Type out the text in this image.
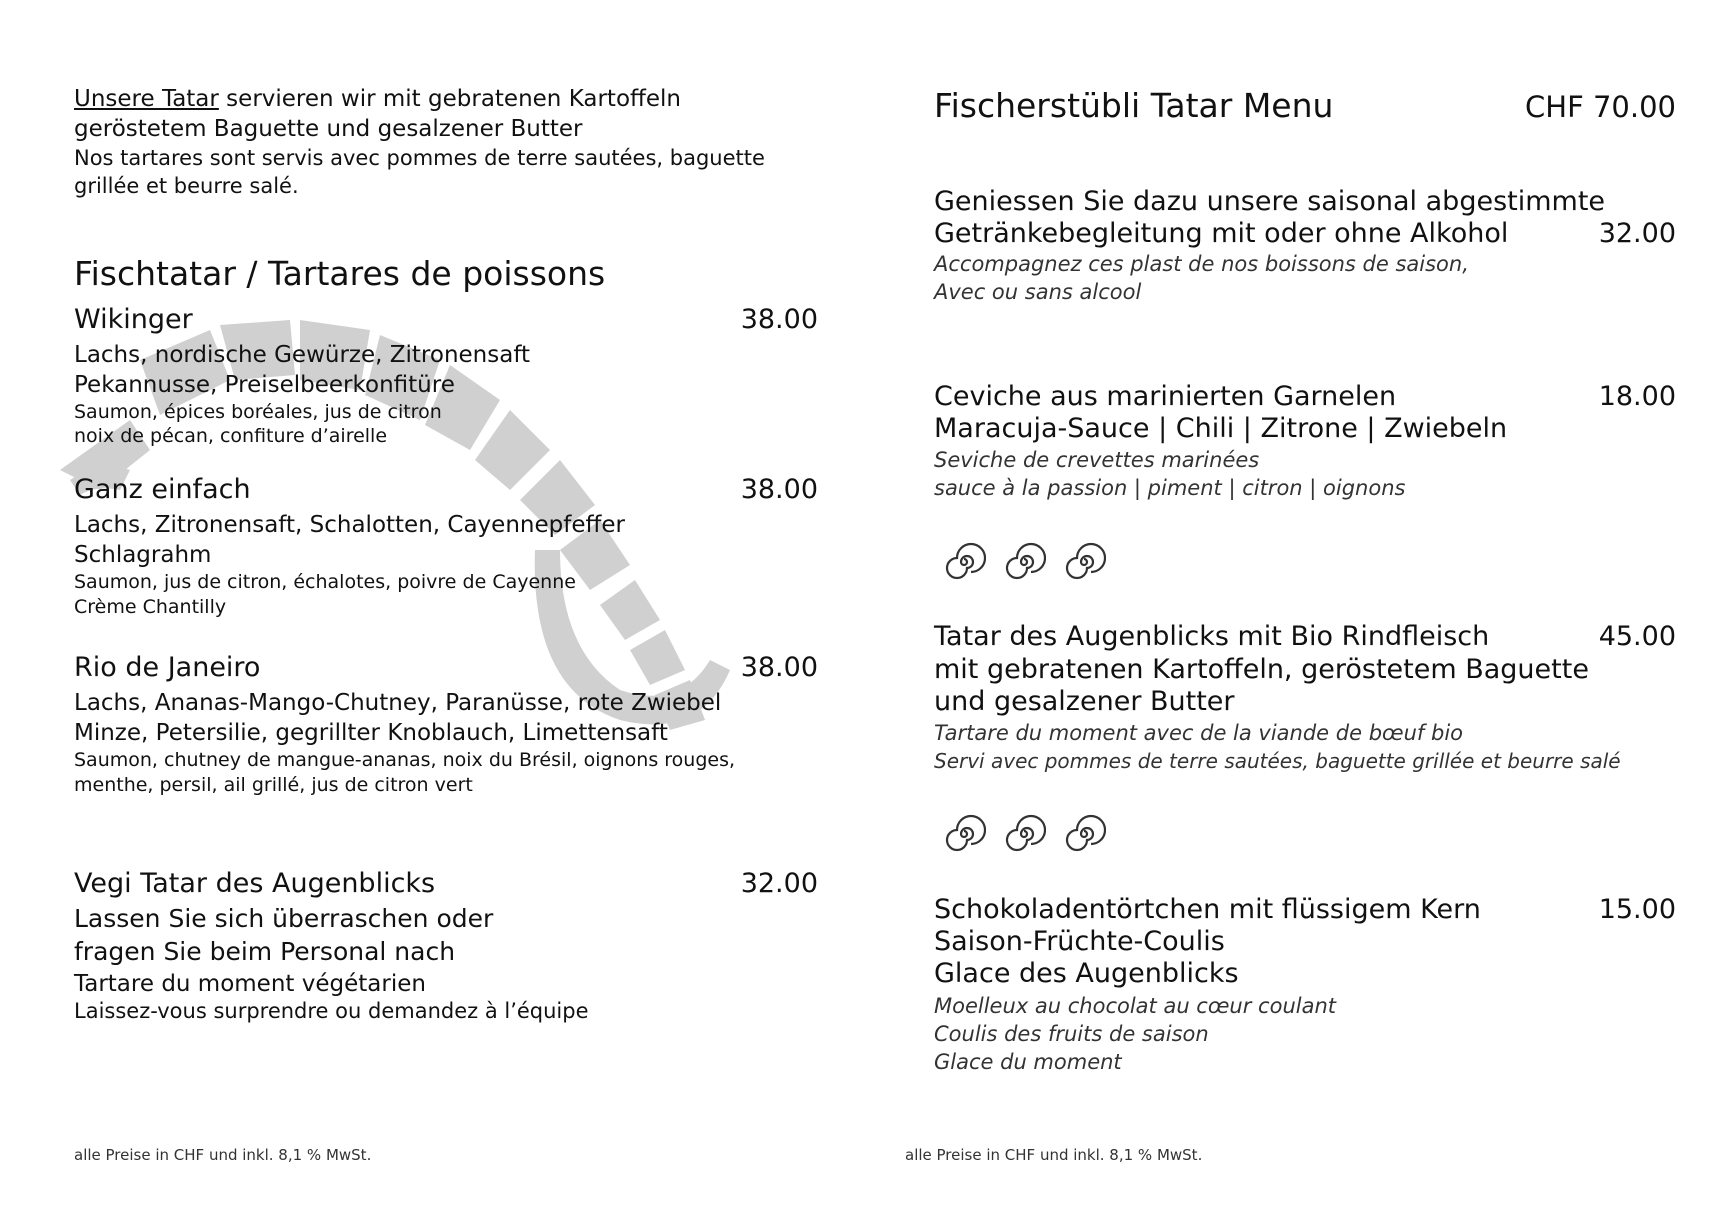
Unsere Tatar servieren wir mit gebratenen Kartoffeln
geröstetem Baguette und gesalzener Butter
Nos tartares sont servis avec pommes de terre sautées, baguette
grillée et beurre salé.
Fischtatar / Tartares de poissons
Wikinger	38.00
Lachs, nordische Gewürze, Zitronensaft
Pekannusse, Preiselbeerkonfitüre
Saumon, épices boréales, jus de citron
noix de pécan, confiture d’airelle
Ganz einfach	38.00
Lachs, Zitronensaft, Schalotten, Cayennepfeffer
Schlagrahm
Saumon, jus de citron, échalotes, poivre de Cayenne
Crème Chantilly
Rio de Janeiro	38.00
Lachs, Ananas-Mango-Chutney, Paranüsse, rote Zwiebel
Minze, Petersilie, gegrillter Knoblauch, Limettensaft
Saumon, chutney de mangue-ananas, noix du Brésil, oignons rouges,
menthe, persil, ail grillé, jus de citron vert
Vegi Tatar des Augenblicks	32.00
Lassen Sie sich überraschen oder
fragen Sie beim Personal nach
Tartare du moment végétarien
Laissez-vous surprendre ou demandez à l’équipe
alle Preise in CHF und inkl. 8,1 % MwSt.
Fischerstübli Tatar Menu	CHF 70.00
Geniessen Sie dazu unsere saisonal abgestimmte
Getränkebegleitung mit oder ohne Alkohol	32.00
Accompagnez ces plast de nos boissons de saison,
Avec ou sans alcool
Ceviche aus marinierten Garnelen	18.00
Maracuja-Sauce | Chili | Zitrone | Zwiebeln
Seviche de crevettes marinées
sauce à la passion | piment | citron | oignons
Tatar des Augenblicks mit Bio Rindfleisch	45.00
mit gebratenen Kartoffeln, geröstetem Baguette
und gesalzener Butter
Tartare du moment avec de la viande de bœuf bio
Servi avec pommes de terre sautées, baguette grillée et beurre salé
Schokoladentörtchen mit flüssigem Kern	15.00
Saison-Früchte-Coulis
Glace des Augenblicks
Moelleux au chocolat au cœur coulant
Coulis des fruits de saison
Glace du moment
alle Preise in CHF und inkl. 8,1 % MwSt.
